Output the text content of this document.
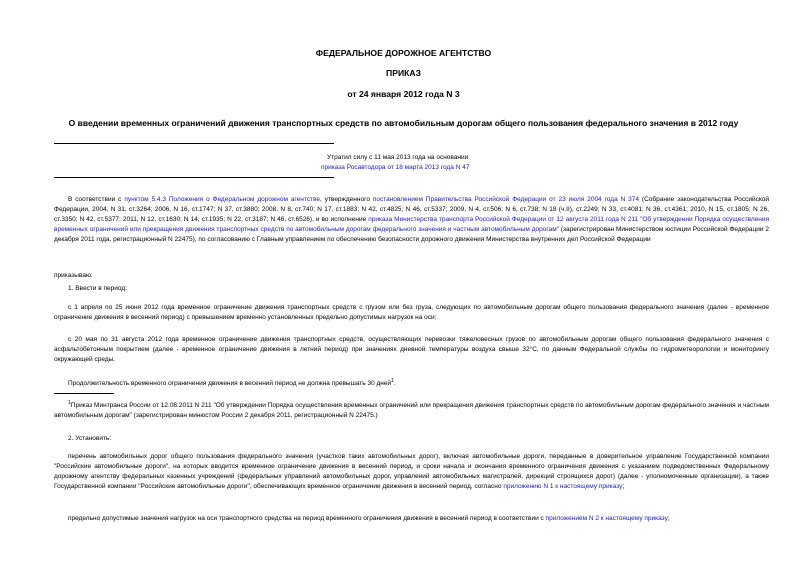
ФЕДЕРАЛЬНОЕ ДОРОЖНОЕ АГЕНТСТВО
ПРИКАЗ
от 24 января 2012 года N 3
О введении временных ограничений движения транспортных средств по автомобильным дорогам общего пользования федерального значения в 2012 году
Утратил силу с 11 мая 2013 года на основании
приказа Росавтодора от 18 марта 2013 года N 47
В соответствии с пунктом 5.4.3 Положения о Федеральном дорожном агентстве, утвержденного постановлением Правительства Российской Федерации от 23 июля 2004 года N 374 (Собрание законодательства Российской Федерации, 2004, N 31, ст.3264; 2006, N 16, ст.1747; N 37, ст.3880; 2008, N 8, ст.740; N 17, ст.1883; N 42, ст.4825; N 46, ст.5337; 2009, N 4, ст.506; N 6, ст.738; N 18 (ч.II), ст.2249; N 33, ст.4081; N 36, ст.4361; 2010, N 15, ст.1805; N 26, ст.3350; N 42, ст.5377; 2011, N 12, ст.1630; N 14, ст.1935; N 22, ст.3187; N 46, ст.6526), и во исполнение приказа Министерства транспорта Российской Федерации от 12 августа 2011 года N 211 "Об утверждении Порядка осуществления временных ограничений или прекращения движения транспортных средств по автомобильным дорогам федерального значения и частным автомобильным дорогам" (зарегистрирован Министерством юстиции Российской Федерации 2 декабря 2011 года, регистрационный N 22475), по согласованию с Главным управлением по обеспечению безопасности дорожного движения Министерства внутренних дел Российской Федерации
приказываю:
1. Ввести в период:
с 1 апреля по 25 июня 2012 года временное ограничение движения транспортных средств с грузом или без груза, следующих по автомобильным дорогам общего пользования федерального значения (далее - временное ограничение движения в весенний период) с превышением временно установленных предельно допустимых нагрузок на оси;
с 20 мая по 31 августа 2012 года временное ограничение движения транспортных средств, осуществляющих перевозки тяжеловесных грузов по автомобильным дорогам общего пользования федерального значения с асфальтобетонным покрытием (далее - временное ограничение движения в летний период) при значениях дневной температуры воздуха свыше 32°С, по данным Федеральной службы по гидрометеорологии и мониторингу окружающей среды.
Продолжительность временного ограничения движения в весенний период не должна превышать 30 дней$^1$.
$^1$Приказ Минтранса России от 12.08.2011 N 211 "Об утверждении Порядка осуществления временных ограничений или прекращения движения транспортных средств по автомобильным дорогам федерального значения и частным автомобильным дорогам" (зарегистрирован минюстом России 2 декабря 2011, регистрационный N 22475.)
2. Установить:
перечень автомобильных дорог общего пользования федерального значения (участков таких автомобильных дорог), включая автомобильные дороги, переданные в доверительное управление Государственной компании "Российские автомобильные дороги", на которых вводится временное ограничение движения в весенний период, и сроки начала и окончания временного ограничения движения с указанием подведомственных Федеральному дорожному агентству федеральных казенных учреждений (федеральных управлений автомобильных дорог, управлений автомобильных магистралей, дирекций строящихся дорог) (далее - уполномоченные организации), а также Государственной компании "Российские автомобильные дороги", обеспечивающих временное ограничение движения в весенний период, согласно приложению N 1 к настоящему приказу;
предельно допустимые значения нагрузок на оси транспортного средства на период временного ограничения движения в весенний период в соответствии с приложением N 2 к настоящему приказу;
